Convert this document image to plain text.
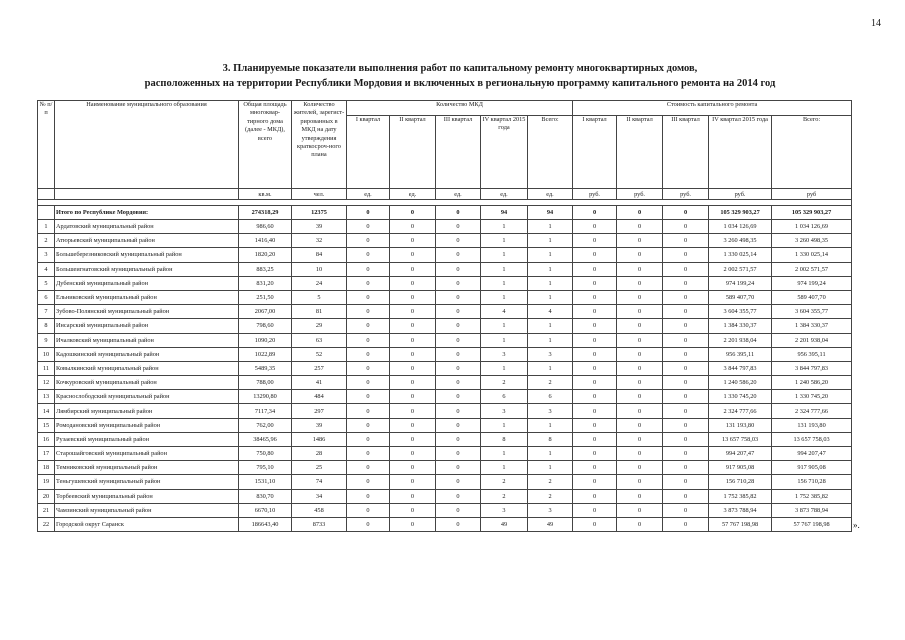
14
3. Планируемые показатели выполнения работ по капитальному ремонту многоквартирных домов,
расположенных на территории Республики Мордовия и включенных в региональную программу капитального ремонта на 2014 год
№ п/п	Наименование муниципального образования	Общая площадь многоквар-тирного дома (далее - МКД), всего	Количество жителей, зарегист-рированных в МКД на дату утверждения краткосроч-ного плана	Количество МКД					Стоимость капитального ремонта				
				I квартал	II квартал	III квартал	IV квартал 2015 года	Всего:	I квартал	II квартал	III квартал	IV квартал 2015 года	Всего:
		кв.м.	чел.	ед.	ед.	ед.	ед.	ед.	руб.	руб.	руб.	руб.	руб

	Итого по Республике Мордовия:	274318,29	12375	0	0	0	94	94	0	0	0	105 329 903,27	105 329 903,27
1	Ардатовский муниципальный район	986,60	39	0	0	0	1	1	0	0	0	1 034 126,69	1 034 126,69
2	Атюрьевский муниципальный район	1416,40	32	0	0	0	1	1	0	0	0	3 260 498,35	3 260 498,35
3	Большеберезниковский муниципальный район	1820,20	84	0	0	0	1	1	0	0	0	1 330 025,14	1 330 025,14
4	Большеигнатовский муниципальный район	883,25	10	0	0	0	1	1	0	0	0	2 002 571,57	2 002 571,57
5	Дубенский муниципальный район	831,20	24	0	0	0	1	1	0	0	0	974 199,24	974 199,24
6	Ельниковский муниципальный район	251,50	5	0	0	0	1	1	0	0	0	589 407,70	589 407,70
7	Зубово-Полянский муниципальный район	2067,00	81	0	0	0	4	4	0	0	0	3 604 355,77	3 604 355,77
8	Инсарский муниципальный район	798,60	29	0	0	0	1	1	0	0	0	1 384 330,37	1 384 330,37
9	Ичалковский муниципальный район	1090,20	63	0	0	0	1	1	0	0	0	2 201 938,04	2 201 938,04
10	Кадошкинский муниципальный район	1022,89	52	0	0	0	3	3	0	0	0	956 395,11	956 395,11
11	Ковылкинский муниципальный район	5489,35	257	0	0	0	1	1	0	0	0	3 844 797,83	3 844 797,83
12	Кочкуровский муниципальный район	788,00	41	0	0	0	2	2	0	0	0	1 240 586,20	1 240 586,20
13	Краснослободский муниципальный район	13290,80	484	0	0	0	6	6	0	0	0	1 330 745,20	1 330 745,20
14	Лямбирский муниципальный район	7117,34	297	0	0	0	3	3	0	0	0	2 324 777,66	2 324 777,66
15	Ромодановский муниципальный район	762,00	39	0	0	0	1	1	0	0	0	131 193,80	131 193,80
16	Рузаевский муниципальный район	38465,96	1486	0	0	0	8	8	0	0	0	13 657 758,03	13 657 758,03
17	Старошайговский муниципальный район	750,80	28	0	0	0	1	1	0	0	0	994 207,47	994 207,47
18	Темниковский муниципальный район	795,10	25	0	0	0	1	1	0	0	0	917 905,08	917 905,08
19	Теньгушевский муниципальный район	1531,10	74	0	0	0	2	2	0	0	0	156 710,28	156 710,28
20	Торбеевский муниципальный район	830,70	34	0	0	0	2	2	0	0	0	1 752 385,82	1 752 385,82
21	Чамзинский муниципальный район	6670,10	458	0	0	0	3	3	0	0	0	3 873 788,94	3 873 788,94
22	Городской округ Саранск	186643,40	8733	0	0	0	49	49	0	0	0	57 767 198,98	57 767 198,98	».
